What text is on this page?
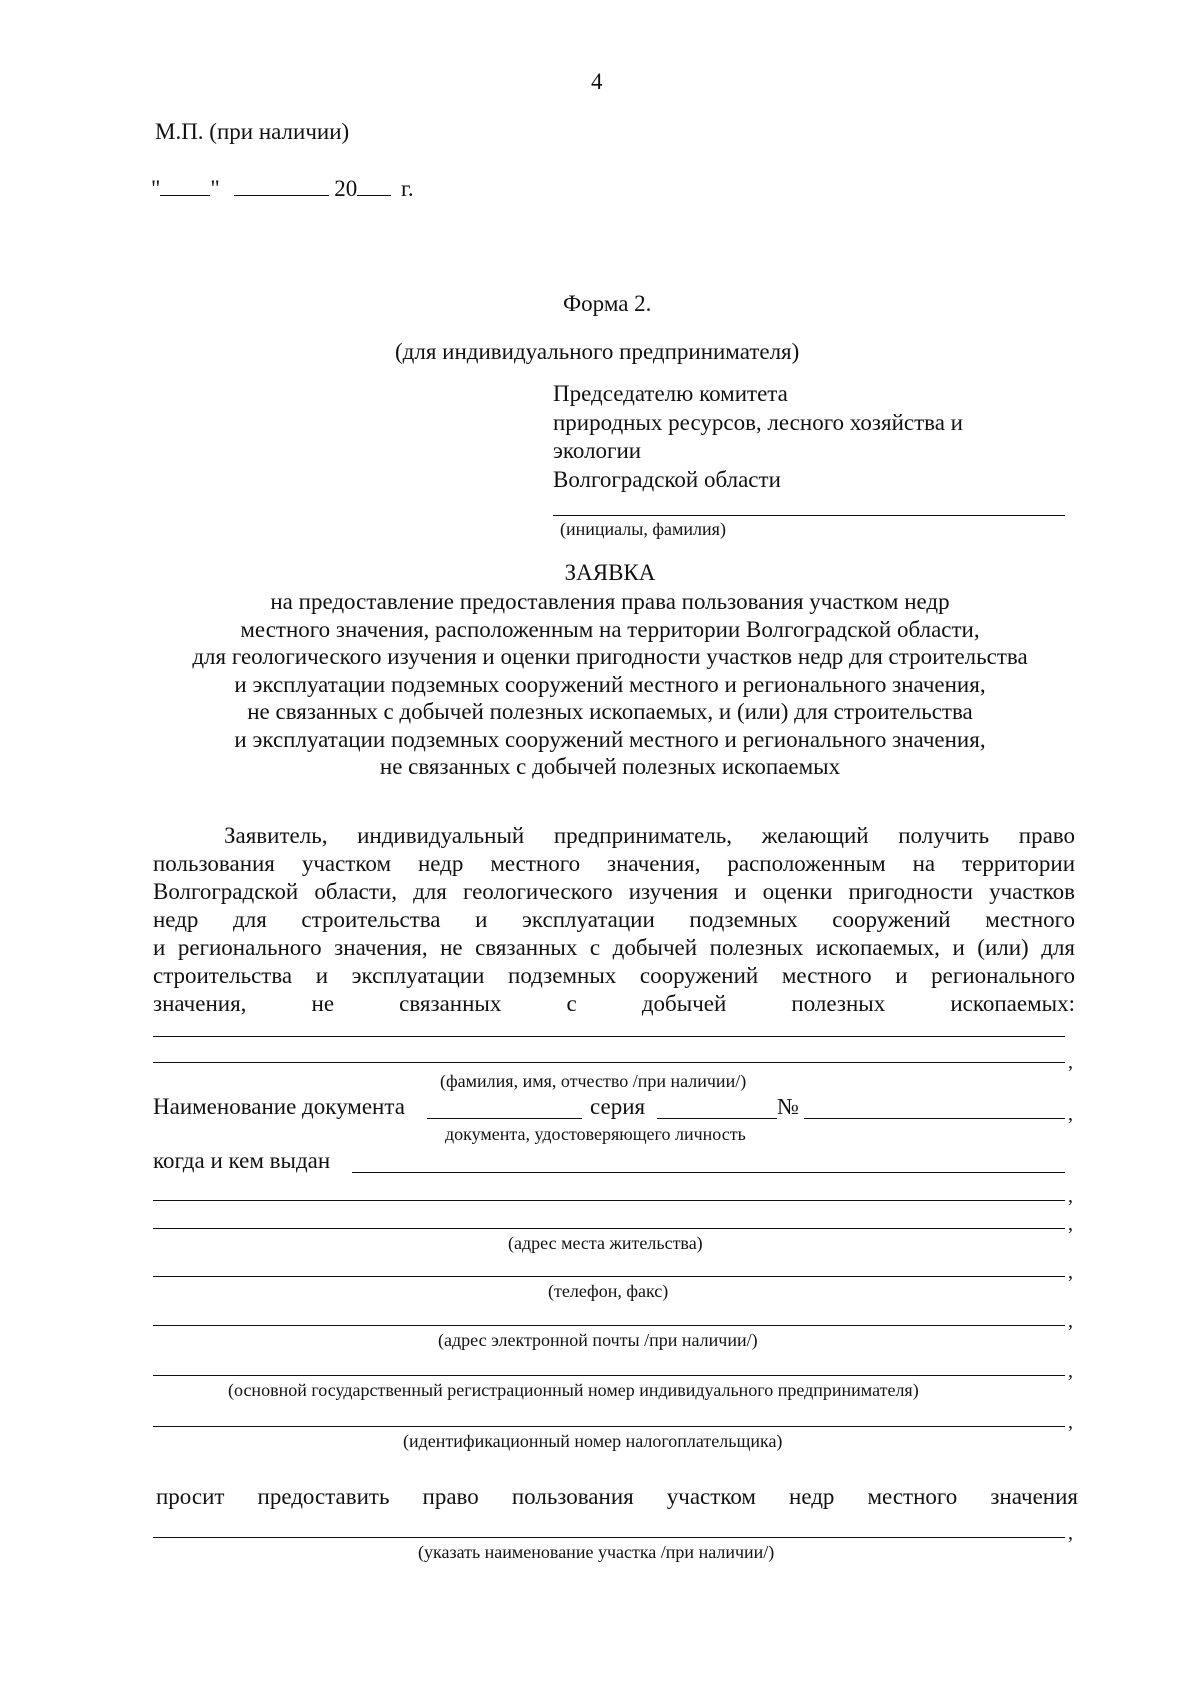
4
М.П. (при наличии)
" "	20 г.
Форма 2.
(для индивидуального предпринимателя)
Председателю комитета
природных ресурсов, лесного хозяйства и
экологии
Волгоградской области
(инициалы, фамилия)
ЗАЯВКА
на предоставление предоставления права пользования участком недр
местного значения, расположенным на территории Волгоградской области,
для геологического изучения и оценки пригодности участков недр для строительства
и эксплуатации подземных сооружений местного и регионального значения,
не связанных с добычей полезных ископаемых, и (или) для строительства
и эксплуатации подземных сооружений местного и регионального значения,
не связанных с добычей полезных ископаемых
Заявитель, индивидуальный предприниматель, желающий получить право
пользования участком недр местного значения, расположенным на территории
Волгоградской области, для геологического изучения и оценки пригодности участков
недр для строительства и эксплуатации подземных сооружений местного
и регионального значения, не связанных с добычей полезных ископаемых, и (или) для
строительства и эксплуатации подземных сооружений местного и регионального
значения, не связанных с добычей полезных ископаемых:
,
(фамилия, имя, отчество /при наличии/)
Наименование документа	серия	№	,
документа, удостоверяющего личность
когда и кем выдан
,
,
(адрес места жительства)
,
(телефон, факс)
,
(адрес электронной почты /при наличии/)
,
(основной государственный регистрационный номер индивидуального предпринимателя)
,
(идентификационный номер налогоплательщика)
просит предоставить право пользования участком недр местного значения
,
(указать наименование участка /при наличии/)
